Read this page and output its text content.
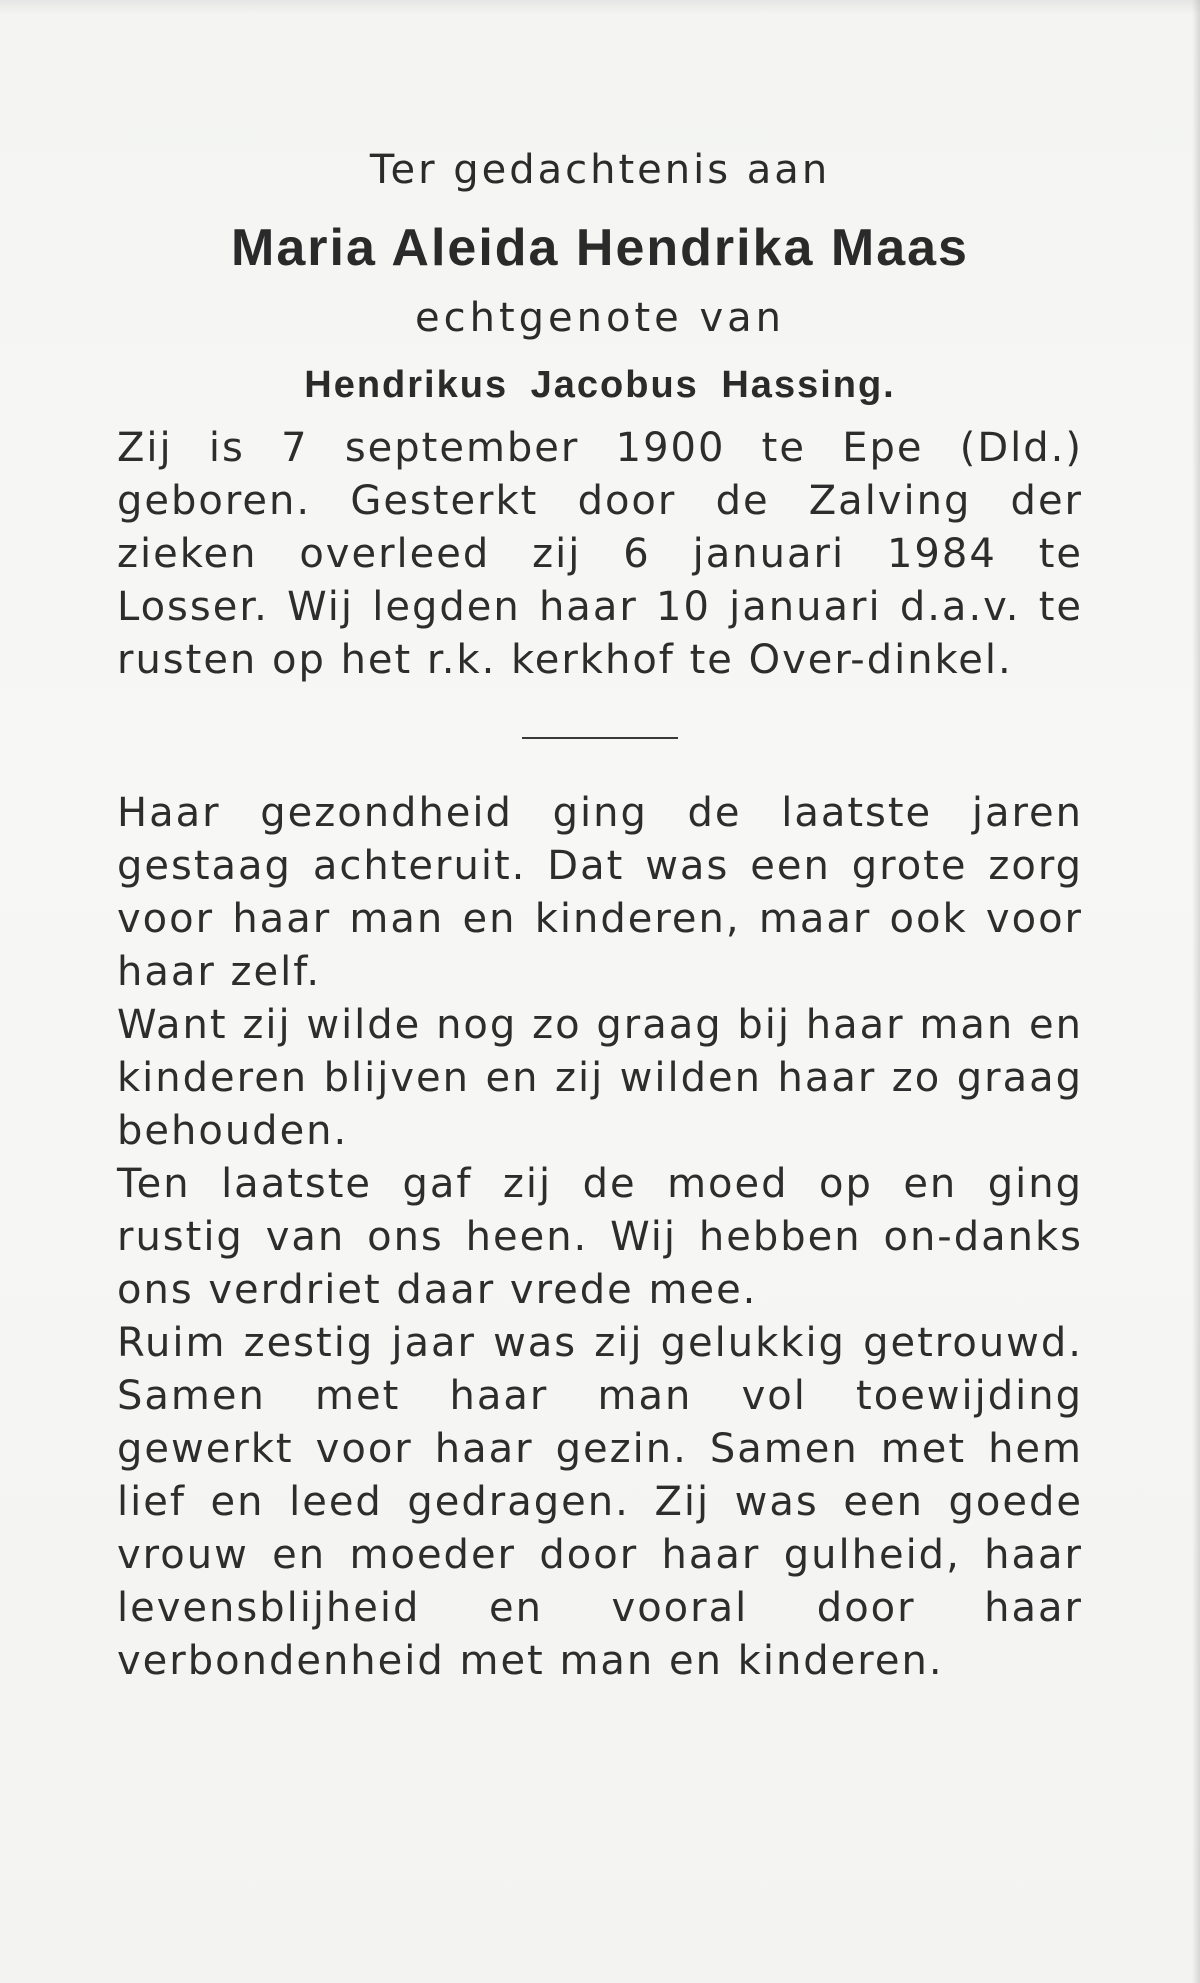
Ter gedachtenis aan

Maria Aleida Hendrika Maas

echtgenote van

Hendrikus Jacobus Hassing.

Zij is 7 september 1900 te Epe (Dld.) geboren. Gesterkt door de Zalving der zieken overleed zij 6 januari 1984 te Losser. Wij legden haar 10 januari d.a.v. te rusten op het r.k. kerkhof te Over-dinkel.

Haar gezondheid ging de laatste jaren gestaag achteruit. Dat was een grote zorg voor haar man en kinderen, maar ook voor haar zelf.

Want zij wilde nog zo graag bij haar man en kinderen blijven en zij wilden haar zo graag behouden.

Ten laatste gaf zij de moed op en ging rustig van ons heen. Wij hebben on-danks ons verdriet daar vrede mee.

Ruim zestig jaar was zij gelukkig getrouwd. Samen met haar man vol toewijding gewerkt voor haar gezin. Samen met hem lief en leed gedragen. Zij was een goede vrouw en moeder door haar gulheid, haar levensblijheid en vooral door haar verbondenheid met man en kinderen.
